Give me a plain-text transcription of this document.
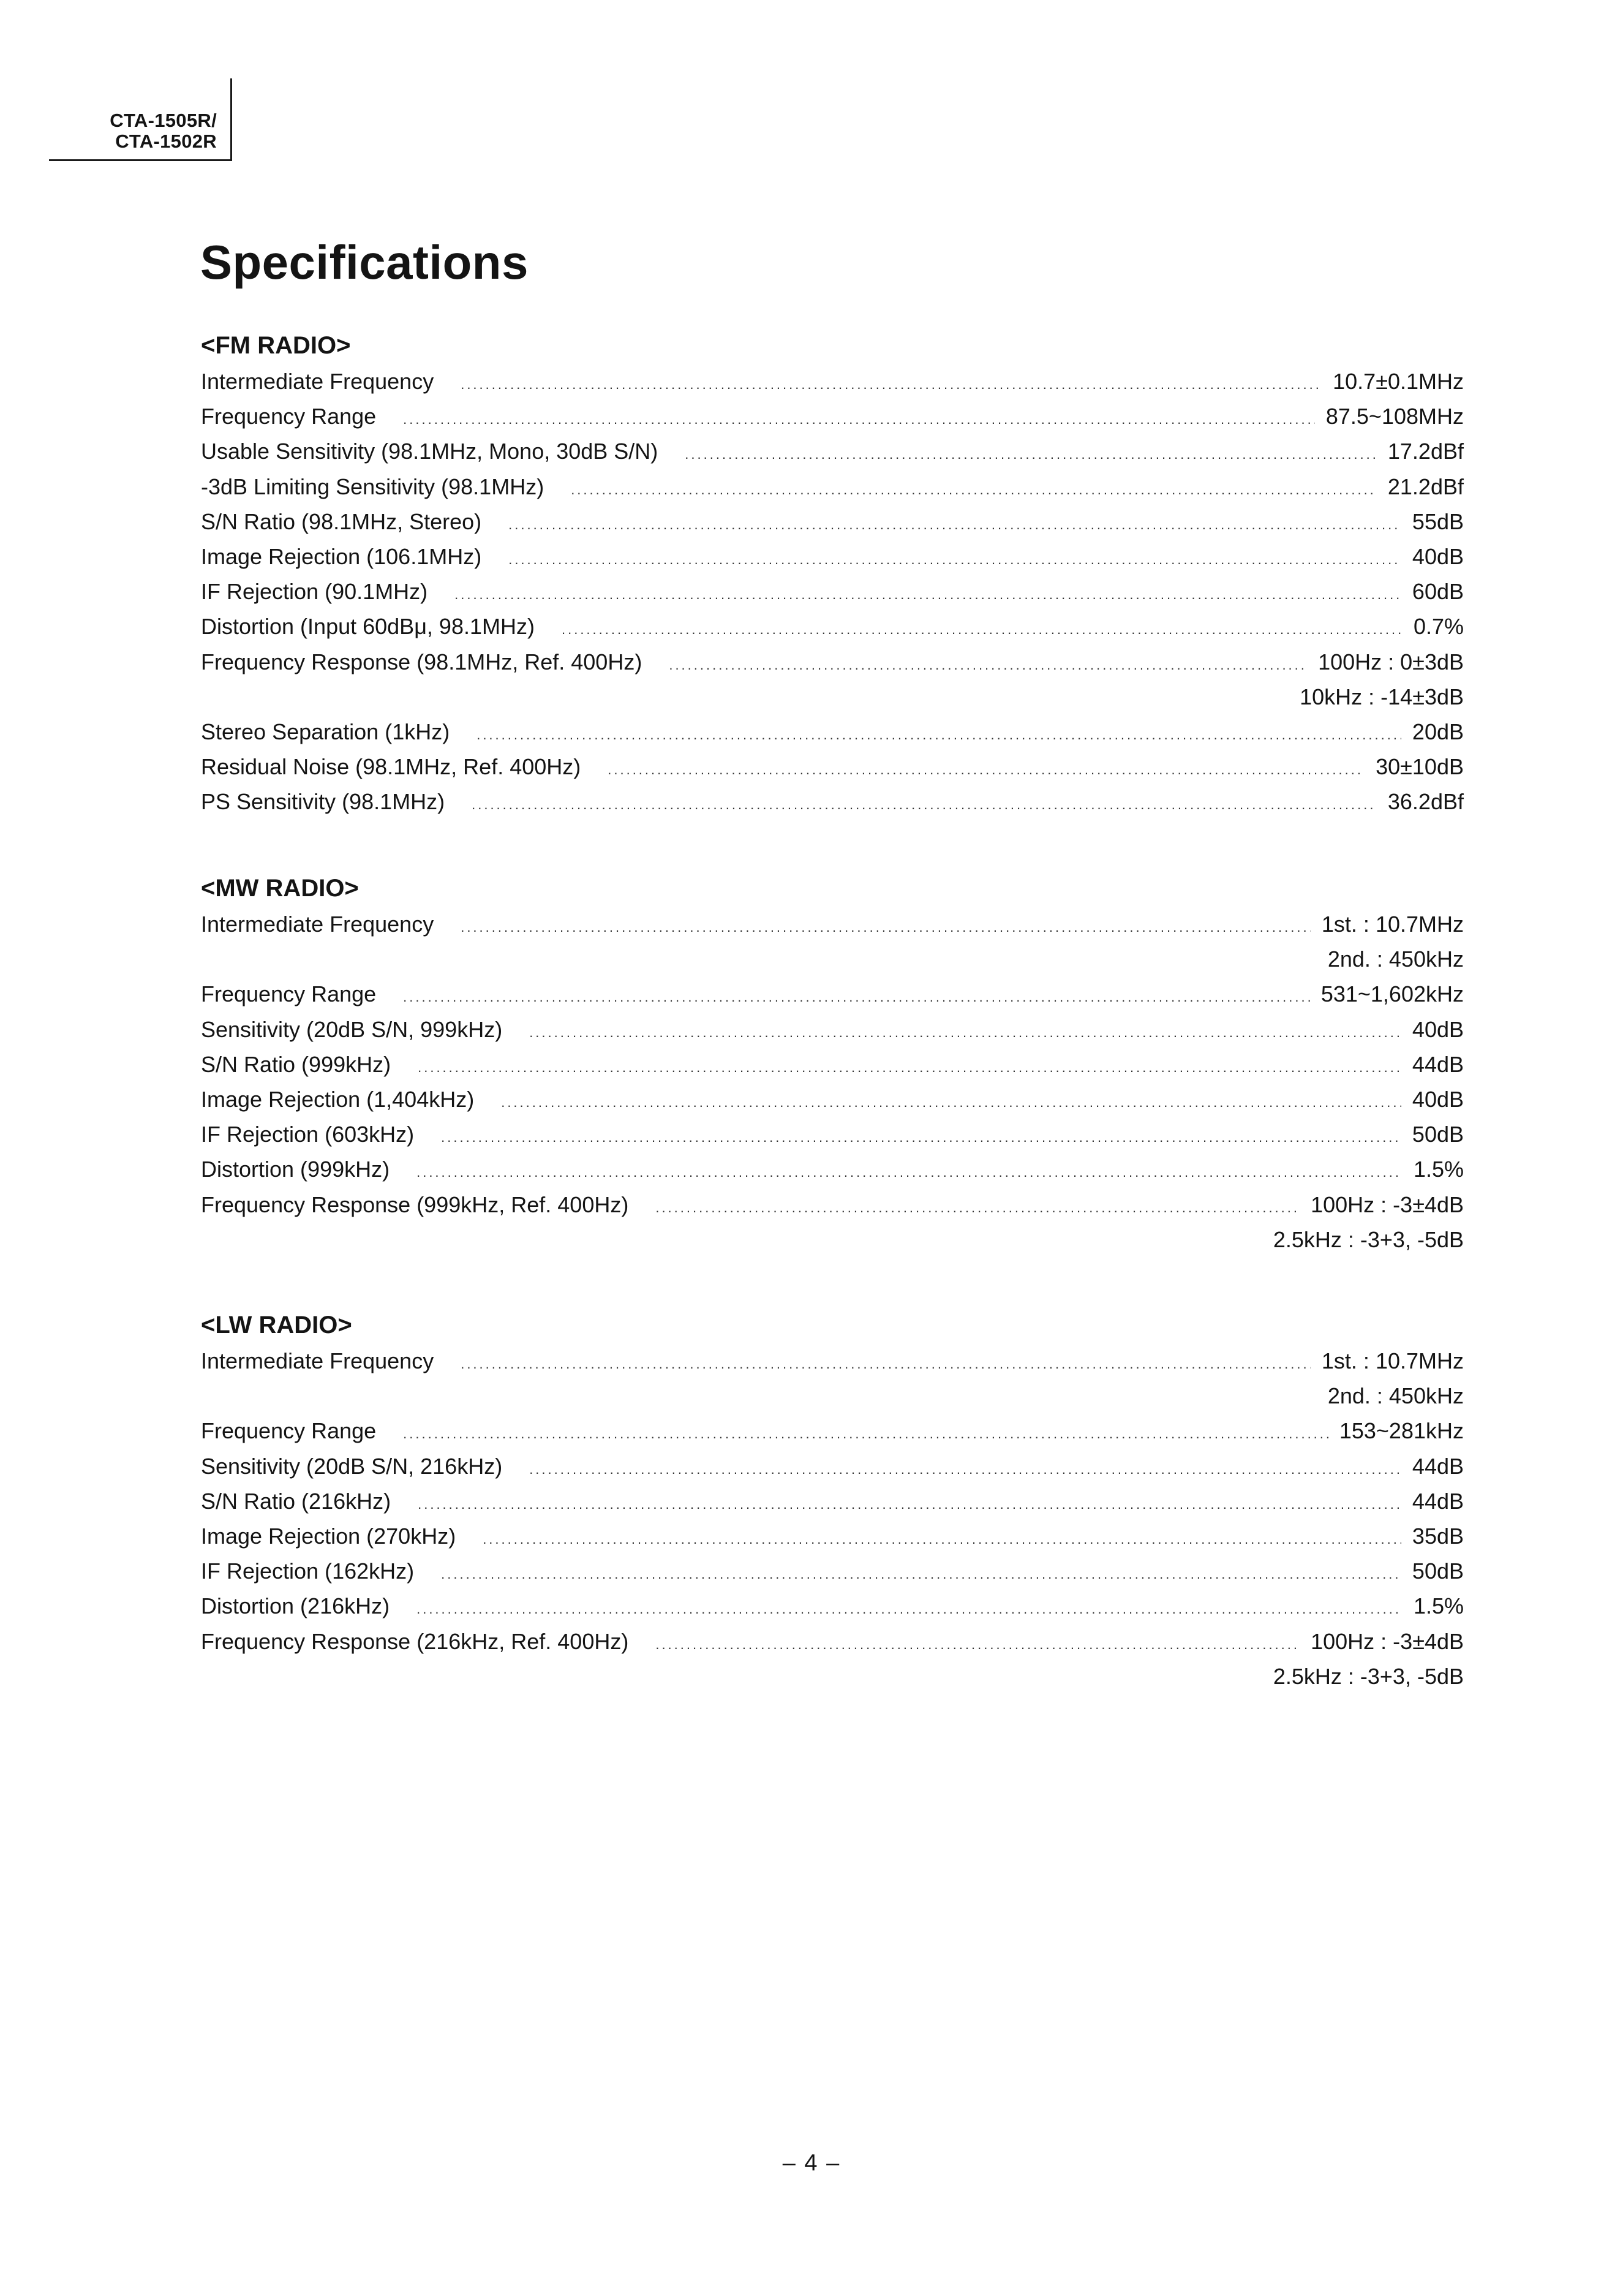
CTA-1505R/
CTA-1502R
Specifications
<FM RADIO>
Intermediate Frequency .....	10.7±0.1MHz
Frequency Range .....	87.5~108MHz
Usable Sensitivity (98.1MHz, Mono, 30dB S/N) .....	17.2dBf
-3dB Limiting Sensitivity (98.1MHz) .....	21.2dBf
S/N Ratio (98.1MHz, Stereo) .....	55dB
Image Rejection (106.1MHz) .....	40dB
IF Rejection (90.1MHz) .....	60dB
Distortion (Input 60dBμ, 98.1MHz) .....	0.7%
Frequency Response (98.1MHz, Ref. 400Hz) .....	100Hz : 0±3dB
10kHz : -14±3dB
Stereo Separation (1kHz) .....	20dB
Residual Noise (98.1MHz, Ref. 400Hz) .....	30±10dB
PS Sensitivity (98.1MHz) .....	36.2dBf
<MW RADIO>
Intermediate Frequency .....	1st. : 10.7MHz
2nd. : 450kHz
Frequency Range .....	531~1,602kHz
Sensitivity (20dB S/N, 999kHz) .....	40dB
S/N Ratio (999kHz) .....	44dB
Image Rejection (1,404kHz) .....	40dB
IF Rejection (603kHz) .....	50dB
Distortion (999kHz) .....	1.5%
Frequency Response (999kHz, Ref. 400Hz) .....	100Hz : -3±4dB
2.5kHz : -3+3, -5dB
<LW RADIO>
Intermediate Frequency .....	1st. : 10.7MHz
2nd. : 450kHz
Frequency Range .....	153~281kHz
Sensitivity (20dB S/N, 216kHz) .....	44dB
S/N Ratio (216kHz) .....	44dB
Image Rejection (270kHz) .....	35dB
IF Rejection (162kHz) .....	50dB
Distortion (216kHz) .....	1.5%
Frequency Response (216kHz, Ref. 400Hz) .....	100Hz : -3±4dB
2.5kHz : -3+3, -5dB
– 4 –
